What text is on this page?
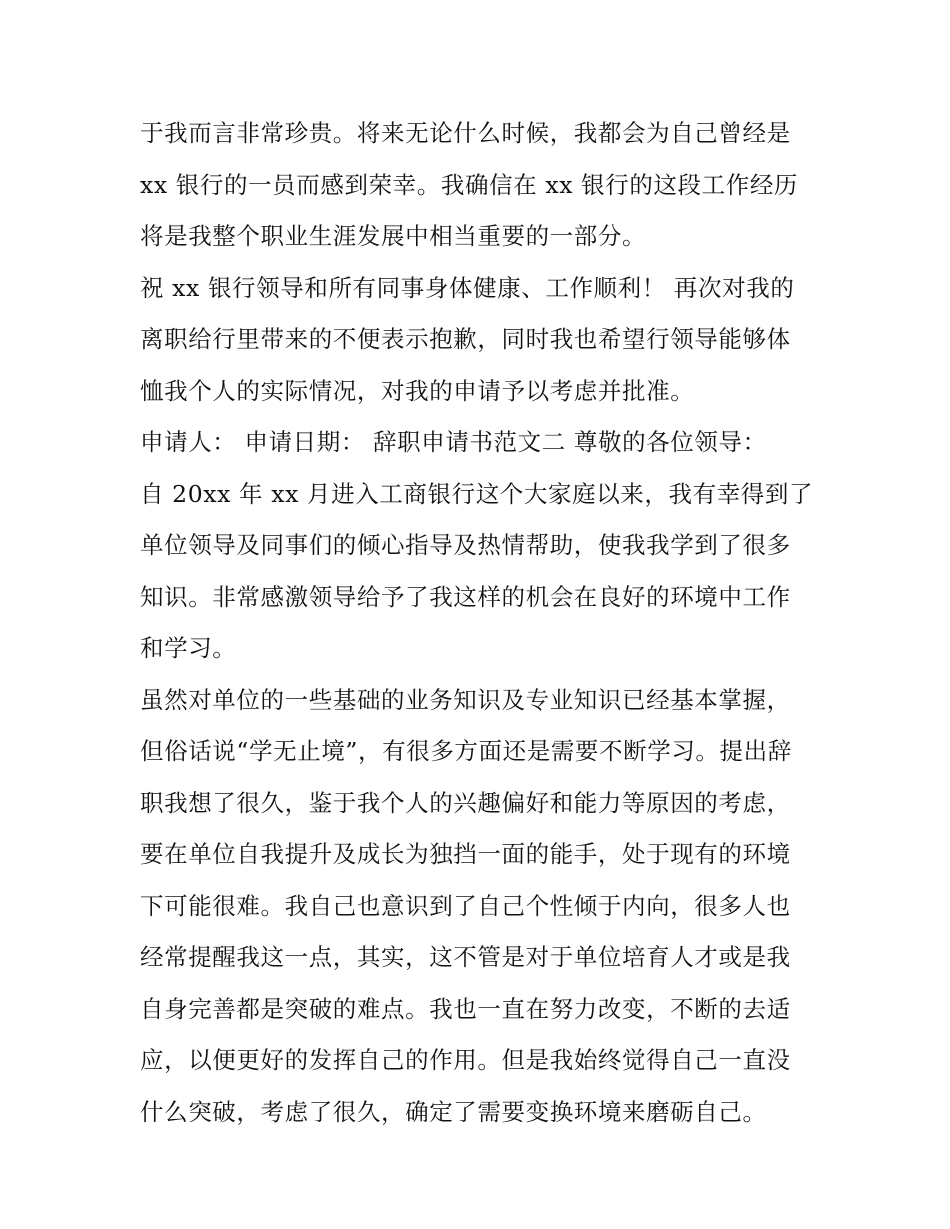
于我而言非常珍贵。将来无论什么时候，我都会为自己曾经是
xx 银行的一员而感到荣幸。我确信在 xx 银行的这段工作经历
将是我整个职业生涯发展中相当重要的一部分。
祝 xx 银行领导和所有同事身体健康、工作顺利！ 再次对我的
离职给行里带来的不便表示抱歉，同时我也希望行领导能够体
恤我个人的实际情况，对我的申请予以考虑并批准。
申请人： 申请日期： 辞职申请书范文二 尊敬的各位领导：
自 20xx 年 xx 月进入工商银行这个大家庭以来，我有幸得到了
单位领导及同事们的倾心指导及热情帮助，使我我学到了很多
知识。非常感激领导给予了我这样的机会在良好的环境中工作
和学习。
虽然对单位的一些基础的业务知识及专业知识已经基本掌握，
但俗话说“学无止境”，有很多方面还是需要不断学习。提出辞
职我想了很久，鉴于我个人的兴趣偏好和能力等原因的考虑，
要在单位自我提升及成长为独挡一面的能手，处于现有的环境
下可能很难。我自己也意识到了自己个性倾于内向，很多人也
经常提醒我这一点，其实，这不管是对于单位培育人才或是我
自身完善都是突破的难点。我也一直在努力改变，不断的去适
应，以便更好的发挥自己的作用。但是我始终觉得自己一直没
什么突破，考虑了很久，确定了需要变换环境来磨砺自己。
